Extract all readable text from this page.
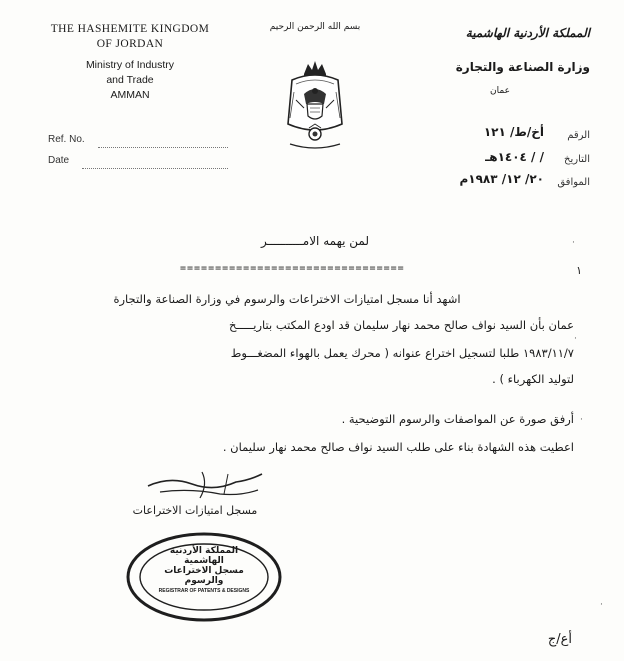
THE HASHEMITE KINGDOM
OF JORDAN
Ministry of Industry
and Trade
AMMAN
بسم الله الرحمن الرحيم	المملكة الأردنية الهاشمية
وزارة الصناعة والتجارة
عمان
Ref. No.
Date
الرقم
أخ/ط/ ١٢١
التاريخ
/ / ١٤٠٤هـ
الموافق
٢٠/ ١٢/ ١٩٨٣م
لمن يهمه الامــــــــــر
================================	١
اشهد أنا مسجل امتيازات الاختراعات والرسوم في وزارة الصناعة والتجارة
عمان بأن السيد نواف صالح محمد نهار سليمان قد اودع المكتب بتاريـــــخ
١٩٨٣/١١/٧ طلبا لتسجيل اختراع عنوانه ( محرك يعمل بالهواء المضغـــوط
لتوليد الكهرباء ) .
أرفق صورة عن المواصفات والرسوم التوضيحية .
اعطيت هذه الشهادة بناء على طلب السيد نواف صالح محمد نهار سليمان .
·
·
·
·
مسجل امتيازات الاختراعات
المملكة الأردنية الهاشمية
مسجل الاختراعات والرسوم
REGISTRAR OF PATENTS & DESIGNS
أع/ج
